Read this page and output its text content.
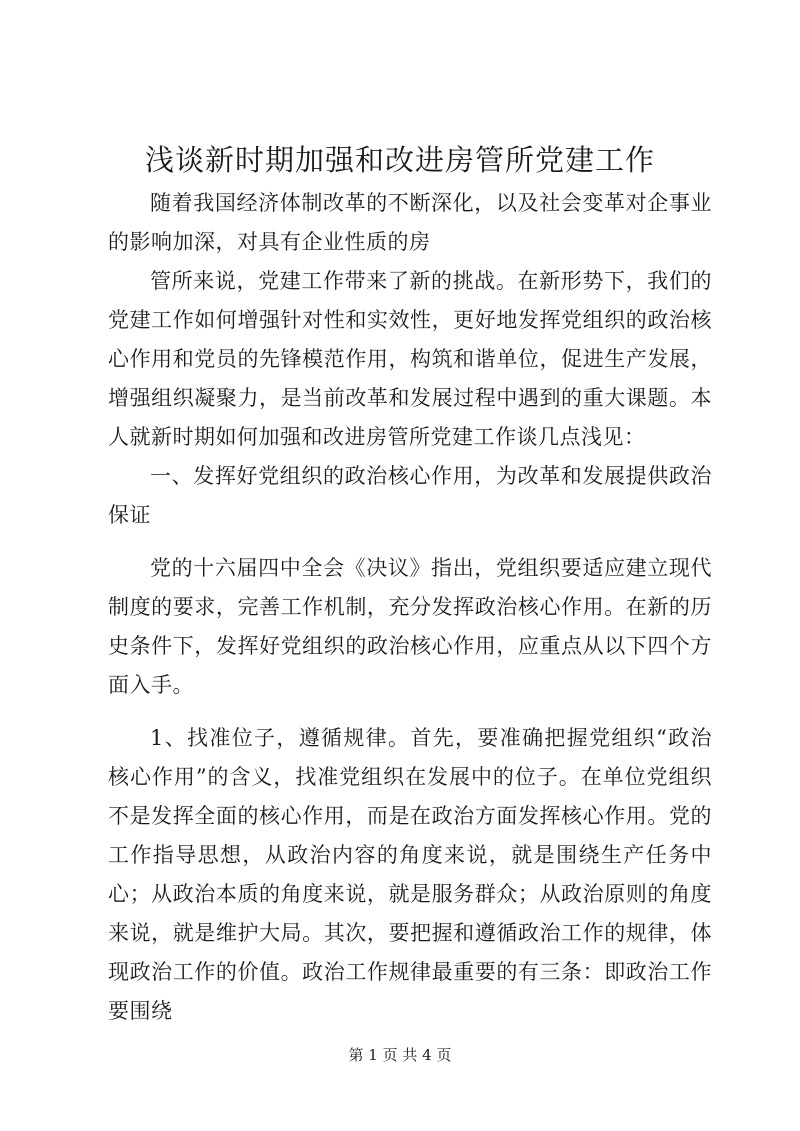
浅谈新时期加强和改进房管所党建工作

随着我国经济体制改革的不断深化，以及社会变革对企事业的影响加深，对具有企业性质的房

管所来说，党建工作带来了新的挑战。在新形势下，我们的党建工作如何增强针对性和实效性，更好地发挥党组织的政治核心作用和党员的先锋模范作用，构筑和谐单位，促进生产发展，增强组织凝聚力，是当前改革和发展过程中遇到的重大课题。本人就新时期如何加强和改进房管所党建工作谈几点浅见：

一、发挥好党组织的政治核心作用，为改革和发展提供政治保证

党的十六届四中全会《决议》指出，党组织要适应建立现代制度的要求，完善工作机制，充分发挥政治核心作用。在新的历史条件下，发挥好党组织的政治核心作用，应重点从以下四个方面入手。

1、找准位子，遵循规律。首先，要准确把握党组织“政治核心作用”的含义，找准党组织在发展中的位子。在单位党组织不是发挥全面的核心作用，而是在政治方面发挥核心作用。党的工作指导思想，从政治内容的角度来说，就是围绕生产任务中心；从政治本质的角度来说，就是服务群众；从政治原则的角度来说，就是维护大局。其次，要把握和遵循政治工作的规律，体现政治工作的价值。政治工作规律最重要的有三条：即政治工作要围绕

第 1 页 共 4 页
